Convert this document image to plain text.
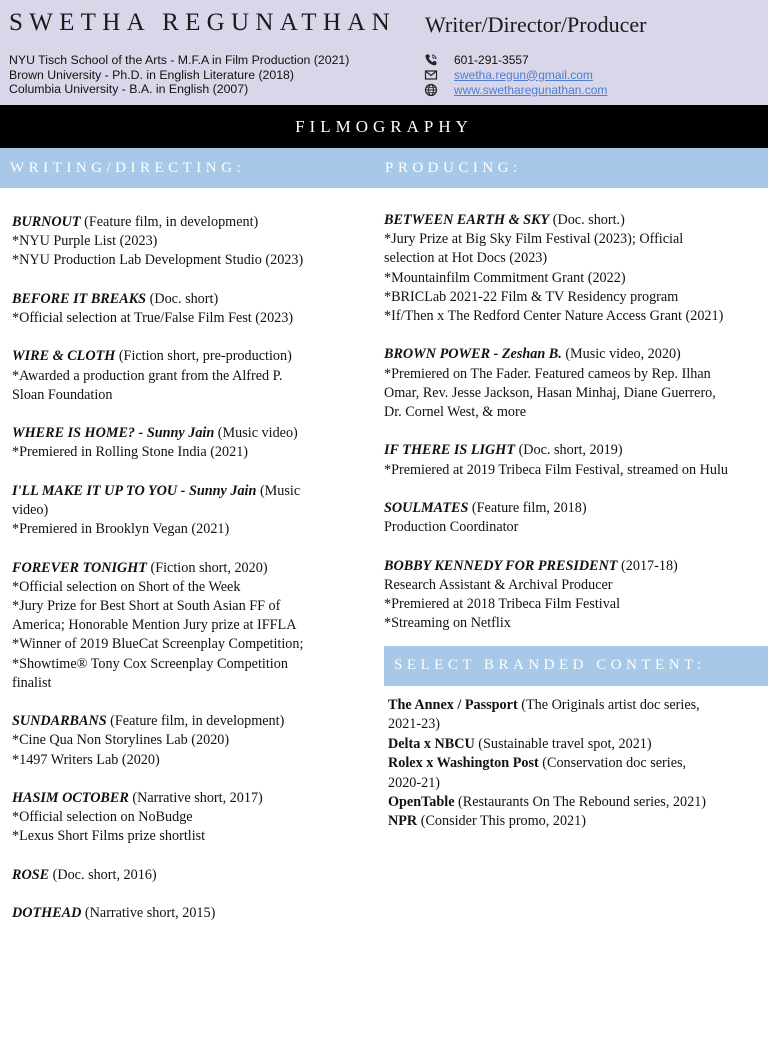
SWETHA REGUNATHAN Writer/Director/Producer
NYU Tisch School of the Arts - M.F.A in Film Production (2021)
Brown University - Ph.D. in English Literature (2018)
Columbia University - B.A. in English (2007)
601-291-3557
swetha.regun@gmail.com
www.swetharegunathan.com
FILMOGRAPHY
WRITING/DIRECTING:	PRODUCING:
BURNOUT (Feature film, in development)
*NYU Purple List (2023)
*NYU Production Lab Development Studio (2023)
BEFORE IT BREAKS (Doc. short)
*Official selection at True/False Film Fest (2023)
WIRE & CLOTH (Fiction short, pre-production)
*Awarded a production grant from the Alfred P.
Sloan Foundation
WHERE IS HOME? - Sunny Jain (Music video)
*Premiered in Rolling Stone India (2021)
I'LL MAKE IT UP TO YOU - Sunny Jain (Music
video)
*Premiered in Brooklyn Vegan (2021)
FOREVER TONIGHT (Fiction short, 2020)
*Official selection on Short of the Week
*Jury Prize for Best Short at South Asian FF of
America; Honorable Mention Jury prize at IFFLA
*Winner of 2019 BlueCat Screenplay Competition;
*Showtime® Tony Cox Screenplay Competition
finalist
SUNDARBANS (Feature film, in development)
*Cine Qua Non Storylines Lab (2020)
*1497 Writers Lab (2020)
HASIM OCTOBER (Narrative short, 2017)
*Official selection on NoBudge
*Lexus Short Films prize shortlist
ROSE (Doc. short, 2016)
DOTHEAD (Narrative short, 2015)
BETWEEN EARTH & SKY (Doc. short.)
*Jury Prize at Big Sky Film Festival (2023); Official
selection at Hot Docs (2023)
*Mountainfilm Commitment Grant (2022)
*BRICLab 2021-22 Film & TV Residency program
*If/Then x The Redford Center Nature Access Grant (2021)
BROWN POWER - Zeshan B. (Music video, 2020)
*Premiered on The Fader. Featured cameos by Rep. Ilhan
Omar, Rev. Jesse Jackson, Hasan Minhaj, Diane Guerrero,
Dr. Cornel West, & more
IF THERE IS LIGHT (Doc. short, 2019)
*Premiered at 2019 Tribeca Film Festival, streamed on Hulu
SOULMATES (Feature film, 2018)
Production Coordinator
BOBBY KENNEDY FOR PRESIDENT (2017-18)
Research Assistant & Archival Producer
*Premiered at 2018 Tribeca Film Festival
*Streaming on Netflix
SELECT BRANDED CONTENT:
The Annex / Passport (The Originals artist doc series,
2021-23)
Delta x NBCU (Sustainable travel spot, 2021)
Rolex x Washington Post (Conservation doc series,
2020-21)
OpenTable (Restaurants On The Rebound series, 2021)
NPR (Consider This promo, 2021)
